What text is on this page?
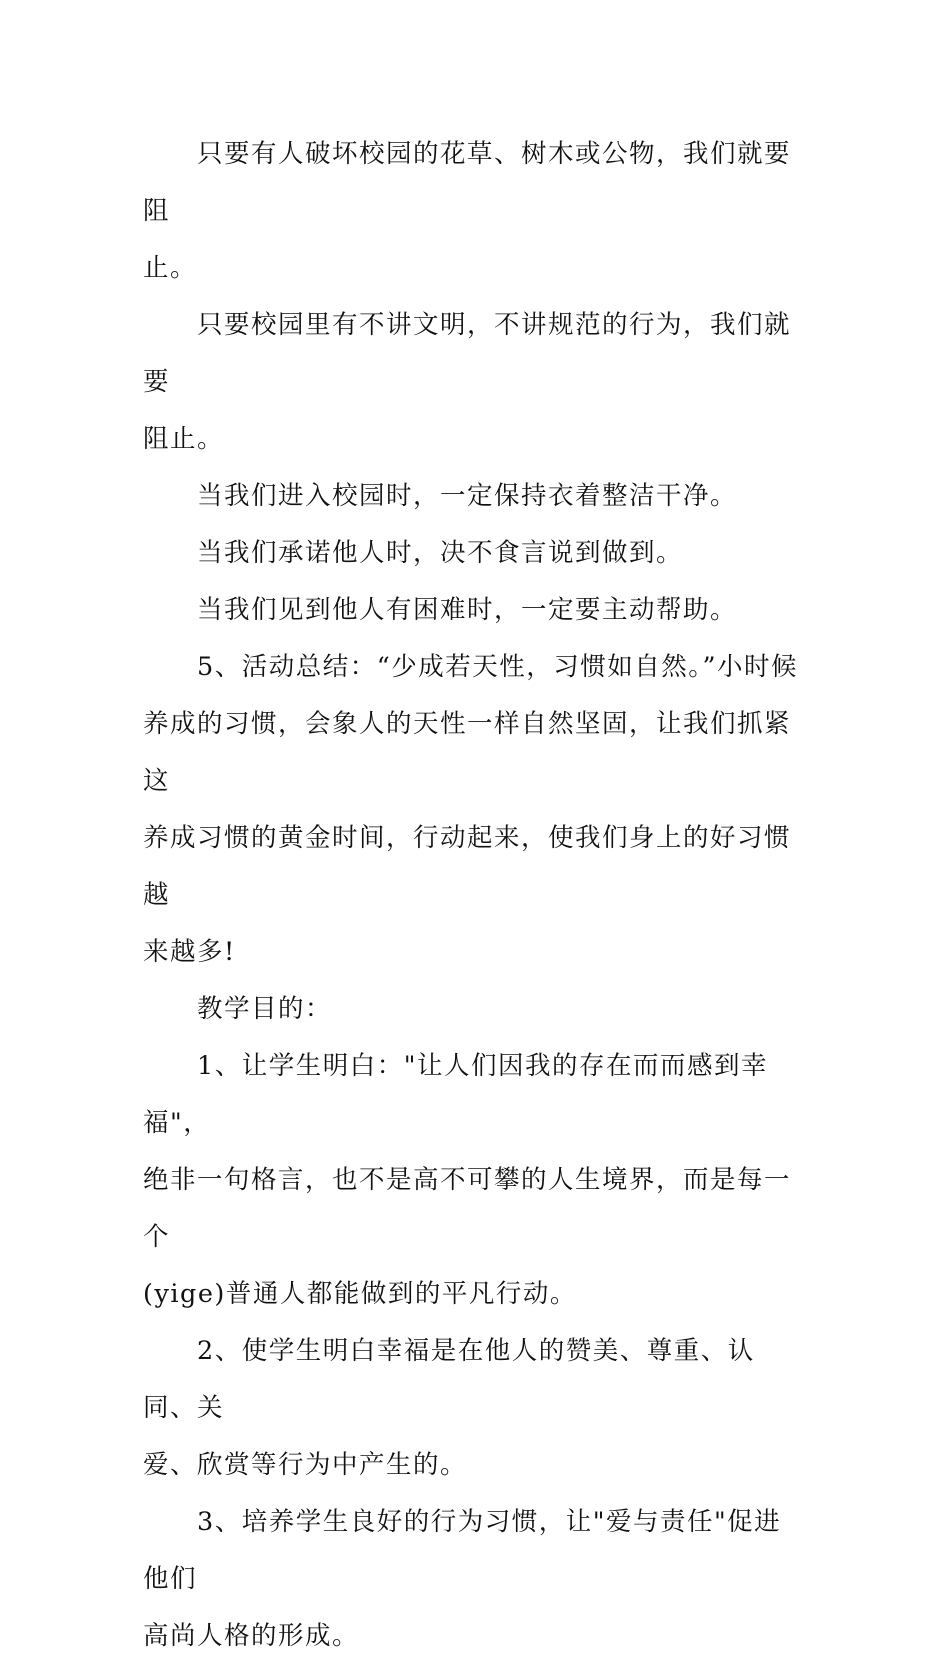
只要有人破坏校园的花草、树木或公物，我们就要阻
止。

只要校园里有不讲文明，不讲规范的行为，我们就要
阻止。

当我们进入校园时，一定保持衣着整洁干净。

当我们承诺他人时，决不食言说到做到。

当我们见到他人有困难时，一定要主动帮助。

5、活动总结：“少成若天性，习惯如自然。”小时候
养成的习惯，会象人的天性一样自然坚固，让我们抓紧这
养成习惯的黄金时间，行动起来，使我们身上的好习惯越
来越多!

教学目的：

1、让学生明白："让人们因我的存在而而感到幸福"，
绝非一句格言，也不是高不可攀的人生境界，而是每一个
(yige)普通人都能做到的平凡行动。

2、使学生明白幸福是在他人的赞美、尊重、认同、关
爱、欣赏等行为中产生的。

3、培养学生良好的行为习惯，让"爱与责任"促进他们
高尚人格的形成。
